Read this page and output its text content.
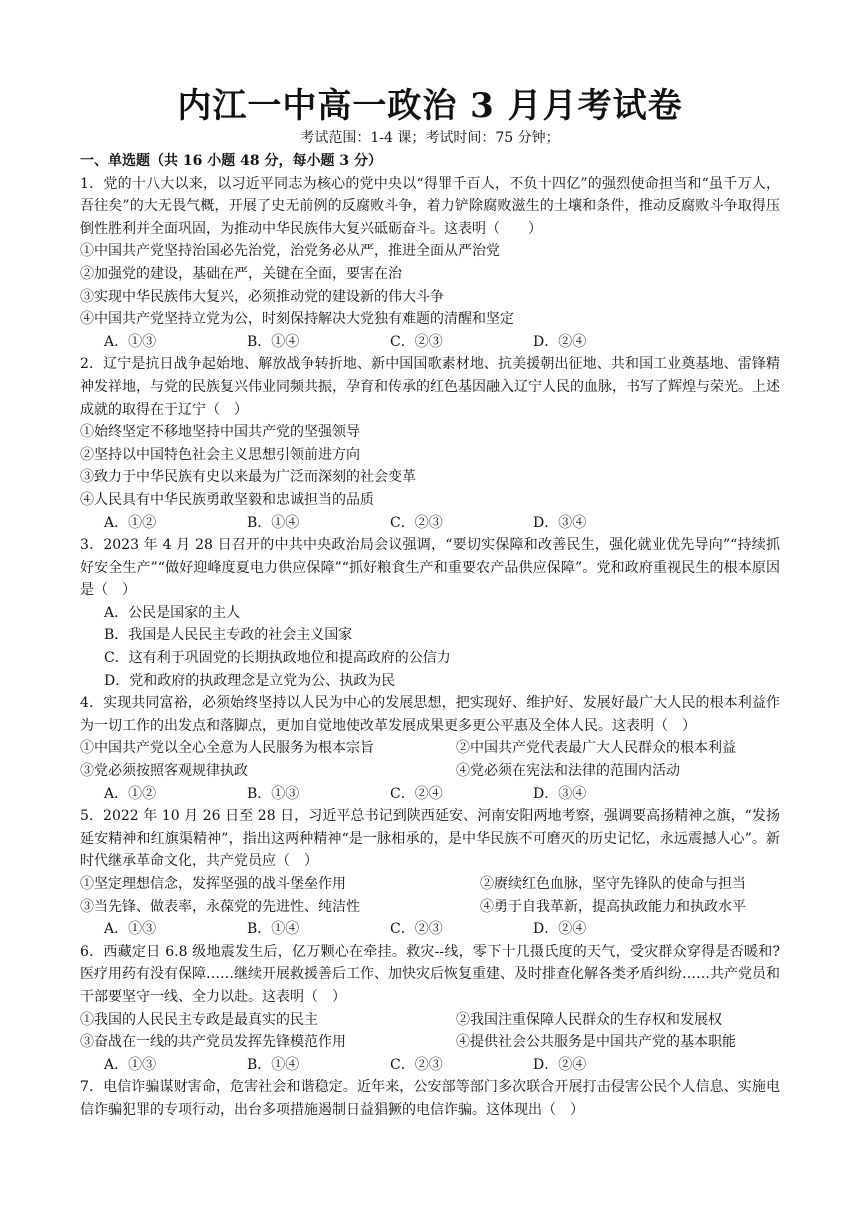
内江一中高一政治 3 月月考试卷
考试范围：1-4 课；考试时间：75 分钟；
一、单选题（共 16 小题 48 分，每小题 3 分）
1．党的十八大以来，以习近平同志为核心的党中央以“得罪千百人，不负十四亿”的强烈使命担当和“虽千万人，吾往矣”的大无畏气概，开展了史无前例的反腐败斗争，着力铲除腐败滋生的土壤和条件，推动反腐败斗争取得压倒性胜利并全面巩固，为推动中华民族伟大复兴砥砺奋斗。这表明（　　）
①中国共产党坚持治国必先治党，治党务必从严，推进全面从严治党
②加强党的建设，基础在严，关键在全面，要害在治
③实现中华民族伟大复兴，必须推动党的建设新的伟大斗争
④中国共产党坚持立党为公，时刻保持解决大党独有难题的清醒和坚定
A．①③	B．①④	C．②③	D．②④
2．辽宁是抗日战争起始地、解放战争转折地、新中国国歌素材地、抗美援朝出征地、共和国工业奠基地、雷锋精神发祥地，与党的民族复兴伟业同频共振，孕育和传承的红色基因融入辽宁人民的血脉，书写了辉煌与荣光。上述成就的取得在于辽宁（　）
①始终坚定不移地坚持中国共产党的坚强领导
②坚持以中国特色社会主义思想引领前进方向
③致力于中华民族有史以来最为广泛而深刻的社会变革
④人民具有中华民族勇敢坚毅和忠诚担当的品质
A．①②	B．①④	C．②③	D．③④
3．2023 年 4 月 28 日召开的中共中央政治局会议强调，“要切实保障和改善民生，强化就业优先导向”“持续抓好安全生产”“做好迎峰度夏电力供应保障”“抓好粮食生产和重要农产品供应保障”。党和政府重视民生的根本原因是（　）
A．公民是国家的主人
B．我国是人民民主专政的社会主义国家
C．这有利于巩固党的长期执政地位和提高政府的公信力
D．党和政府的执政理念是立党为公、执政为民
4．实现共同富裕，必须始终坚持以人民为中心的发展思想，把实现好、维护好、发展好最广大人民的根本利益作为一切工作的出发点和落脚点，更加自觉地使改革发展成果更多更公平惠及全体人民。这表明（　）
①中国共产党以全心全意为人民服务为根本宗旨	②中国共产党代表最广大人民群众的根本利益
③党必须按照客观规律执政	④党必须在宪法和法律的范围内活动
A．①②	B．①③	C．②④	D．③④
5．2022 年 10 月 26 日至 28 日，习近平总书记到陕西延安、河南安阳两地考察，强调要高扬精神之旗，“发扬延安精神和红旗渠精神”，指出这两种精神“是一脉相承的，是中华民族不可磨灭的历史记忆，永远震撼人心”。新时代继承革命文化，共产党员应（　）
①坚定理想信念，发挥坚强的战斗堡垒作用	②赓续红色血脉，坚守先锋队的使命与担当
③当先锋、做表率，永葆党的先进性、纯洁性	④勇于自我革新，提高执政能力和执政水平
A．①③	B．①④	C．②③	D．②④
6．西藏定日 6.8 级地震发生后，亿万颗心在牵挂。救灾--线，零下十几摄氏度的天气，受灾群众穿得是否暖和?医疗用药有没有保障……继续开展救援善后工作、加快灾后恢复重建、及时排查化解各类矛盾纠纷……共产党员和干部要坚守一线、全力以赴。这表明（　）
①我国的人民民主专政是最真实的民主	②我国注重保障人民群众的生存权和发展权
③奋战在一线的共产党员发挥先锋模范作用	④提供社会公共服务是中国共产党的基本职能
A．①③	B．①④	C．②③	D．②④
7．电信诈骗谋财害命，危害社会和谐稳定。近年来，公安部等部门多次联合开展打击侵害公民个人信息、实施电信诈骗犯罪的专项行动，出台多项措施遏制日益猖獗的电信诈骗。这体现出（　）
